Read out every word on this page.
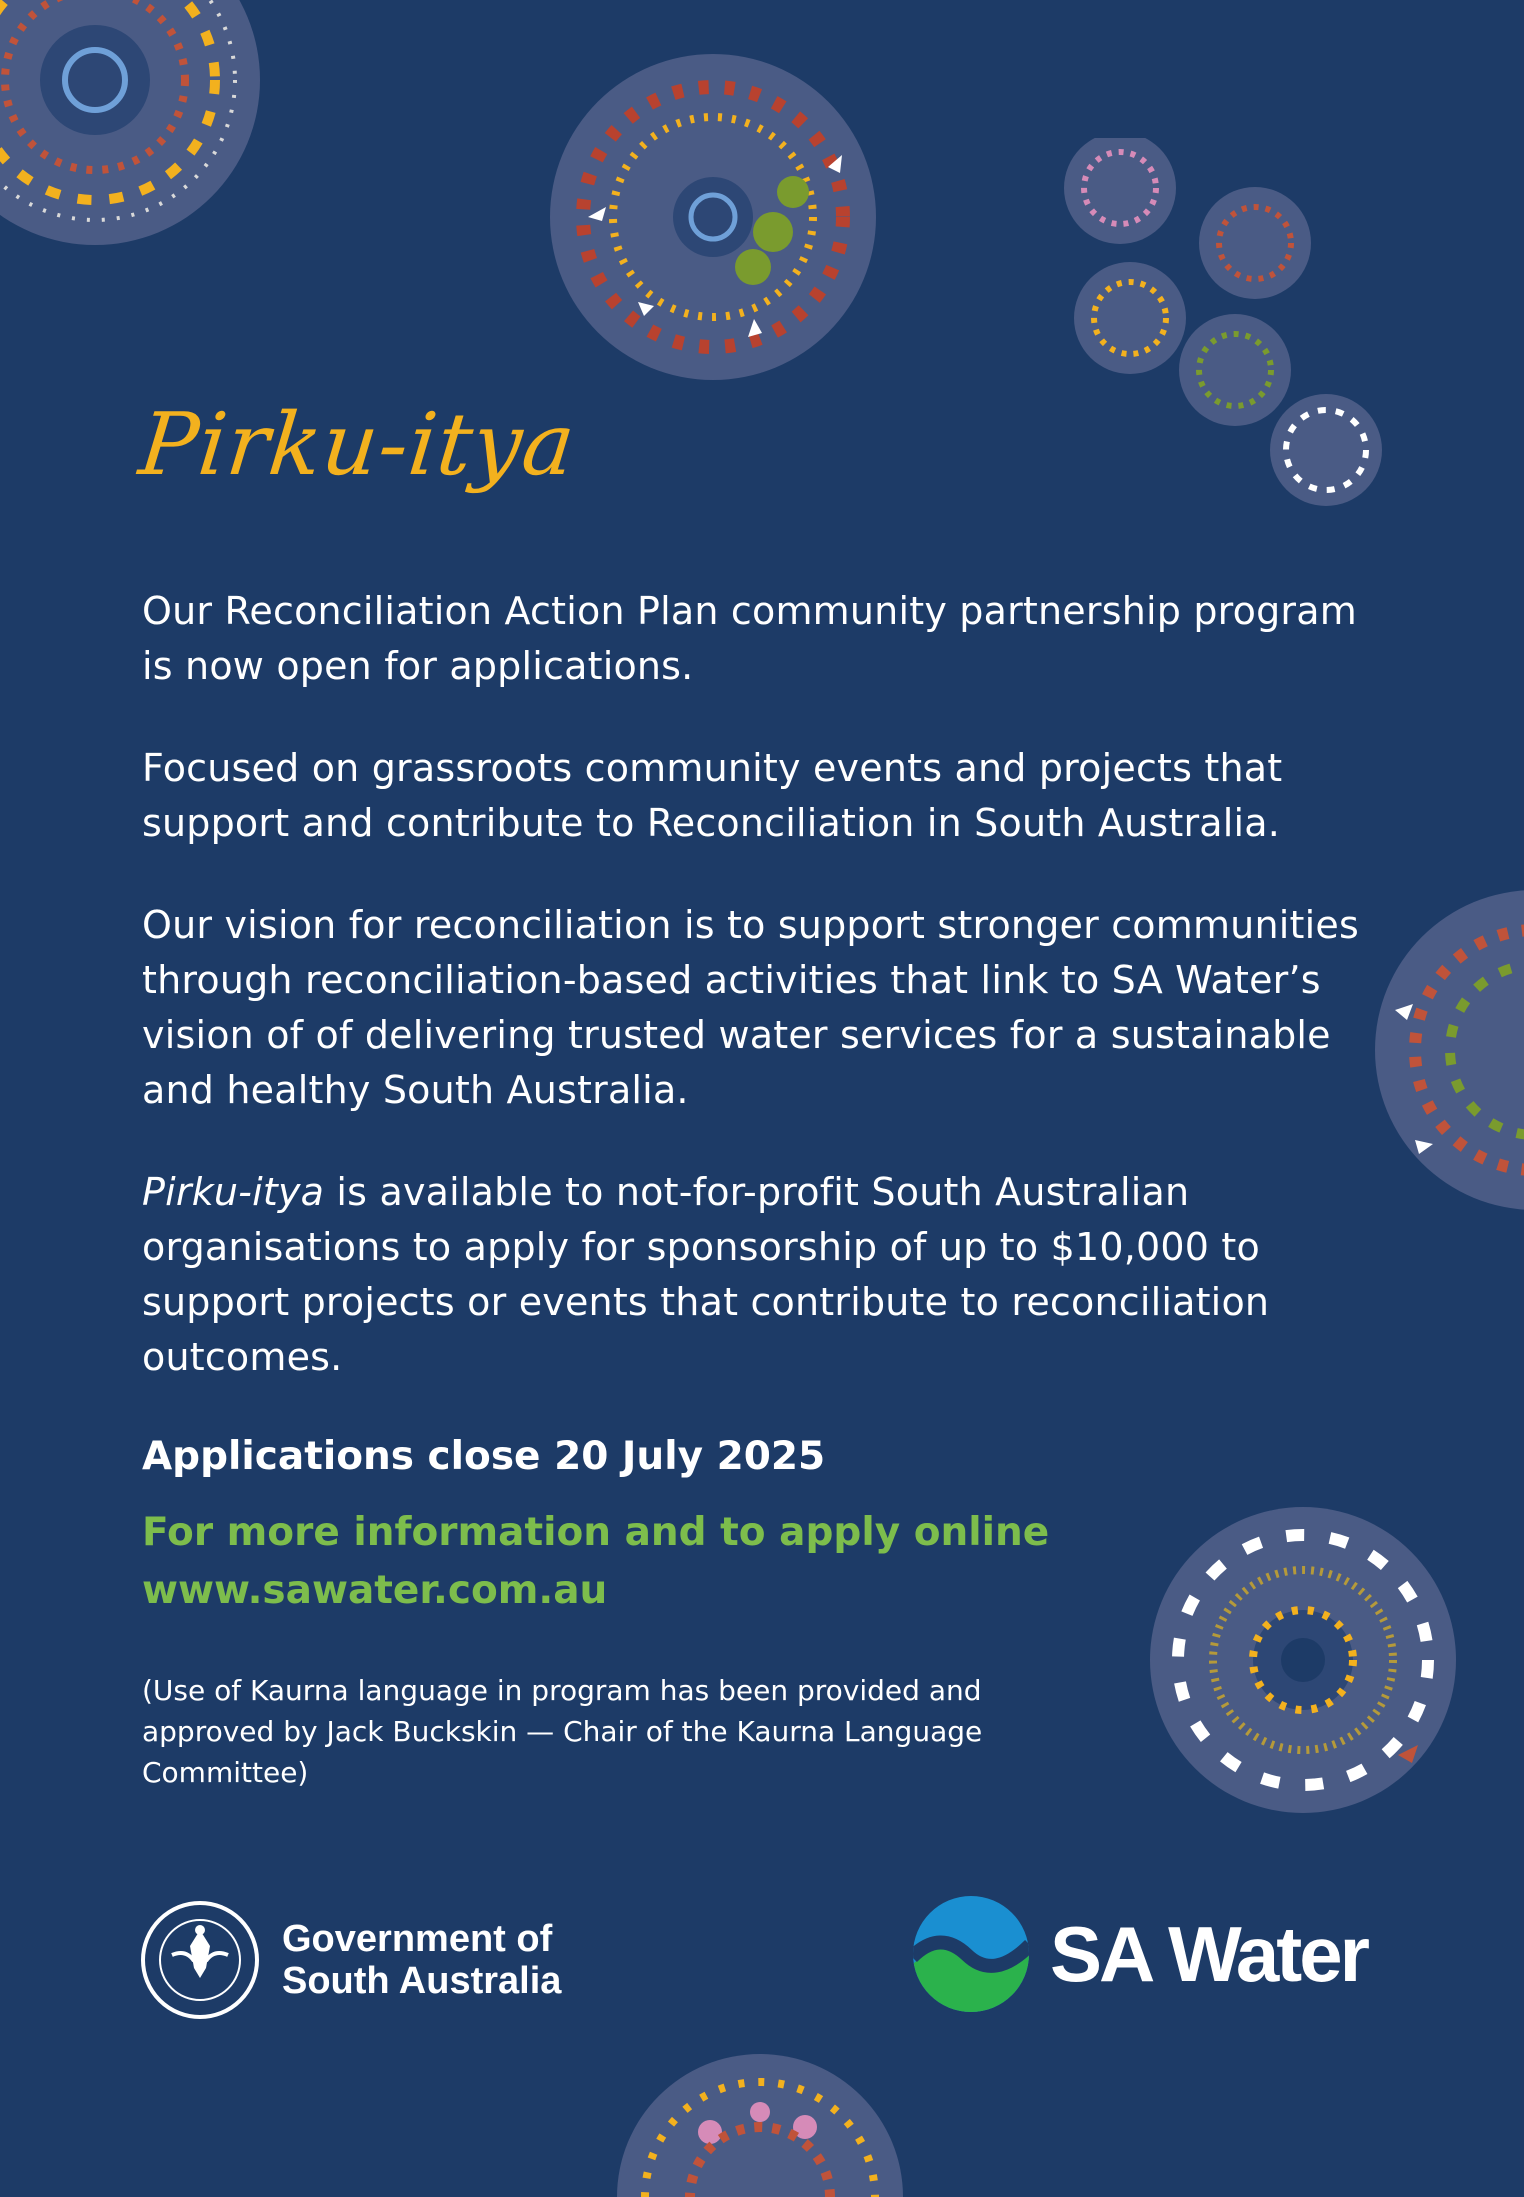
Pirku-itya

Our Reconciliation Action Plan community partnership program is now open for applications.

Focused on grassroots community events and projects that support and contribute to Reconciliation in South Australia.

Our vision for reconciliation is to support stronger communities through reconciliation-based activities that link to SA Water’s vision of of delivering trusted water services for a sustainable and healthy South Australia.

Pirku-itya is available to not-for-profit South Australian organisations to apply for sponsorship of up to $10,000 to support projects or events that contribute to reconciliation outcomes.

Applications close 20 July 2025

For more information and to apply online

www.sawater.com.au

(Use of Kaurna language in program has been provided and approved by Jack Buckskin — Chair of the Kaurna Language Committee)

Government of
South Australia	SA Water
